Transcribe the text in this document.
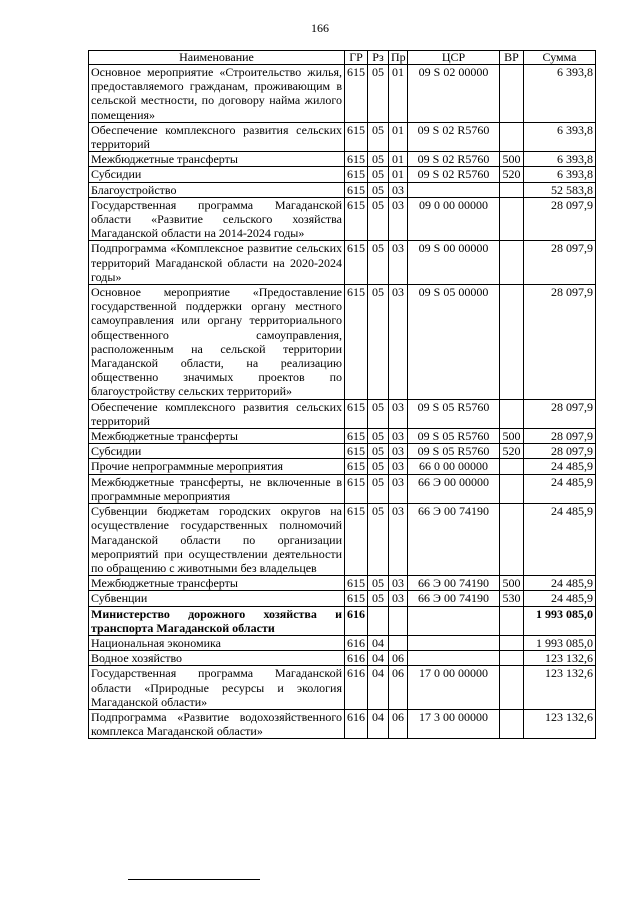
166
Наименование	ГР	Рз	Пр	ЦСР	ВР	Сумма
Основное мероприятие «Строительство жилья, предоставляемого гражданам, проживающим в сельской местности, по договору найма жилого помещения»	615	05	01	09 S 02 00000		6 393,8
Обеспечение комплексного развития сельских территорий	615	05	01	09 S 02 R5760		6 393,8
Межбюджетные трансферты	615	05	01	09 S 02 R5760	500	6 393,8
Субсидии	615	05	01	09 S 02 R5760	520	6 393,8
Благоустройство	615	05	03			52 583,8
Государственная программа Магаданской области «Развитие сельского хозяйства Магаданской области на 2014-2024 годы»	615	05	03	09 0 00 00000		28 097,9
Подпрограмма «Комплексное развитие сельских территорий Магаданской области на 2020-2024 годы»	615	05	03	09 S 00 00000		28 097,9
Основное мероприятие «Предоставление государственной поддержки органу местного самоуправления или органу территориального общественного самоуправления, расположенным на сельской территории Магаданской области, на реализацию общественно значимых проектов по благоустройству сельских территорий»	615	05	03	09 S 05 00000		28 097,9
Обеспечение комплексного развития сельских территорий	615	05	03	09 S 05 R5760		28 097,9
Межбюджетные трансферты	615	05	03	09 S 05 R5760	500	28 097,9
Субсидии	615	05	03	09 S 05 R5760	520	28 097,9
Прочие непрограммные мероприятия	615	05	03	66 0 00 00000		24 485,9
Межбюджетные трансферты, не включенные в программные мероприятия	615	05	03	66 Э 00 00000		24 485,9
Субвенции бюджетам городских округов на осуществление государственных полномочий Магаданской области по организации мероприятий при осуществлении деятельности по обращению с животными без владельцев	615	05	03	66 Э 00 74190		24 485,9
Межбюджетные трансферты	615	05	03	66 Э 00 74190	500	24 485,9
Субвенции	615	05	03	66 Э 00 74190	530	24 485,9
Министерство дорожного хозяйства и транспорта Магаданской области	616					1 993 085,0
Национальная экономика	616	04				1 993 085,0
Водное хозяйство	616	04	06			123 132,6
Государственная программа Магаданской области «Природные ресурсы и экология Магаданской области»	616	04	06	17 0 00 00000		123 132,6
Подпрограмма «Развитие водохозяйственного комплекса Магаданской области»	616	04	06	17 3 00 00000		123 132,6
